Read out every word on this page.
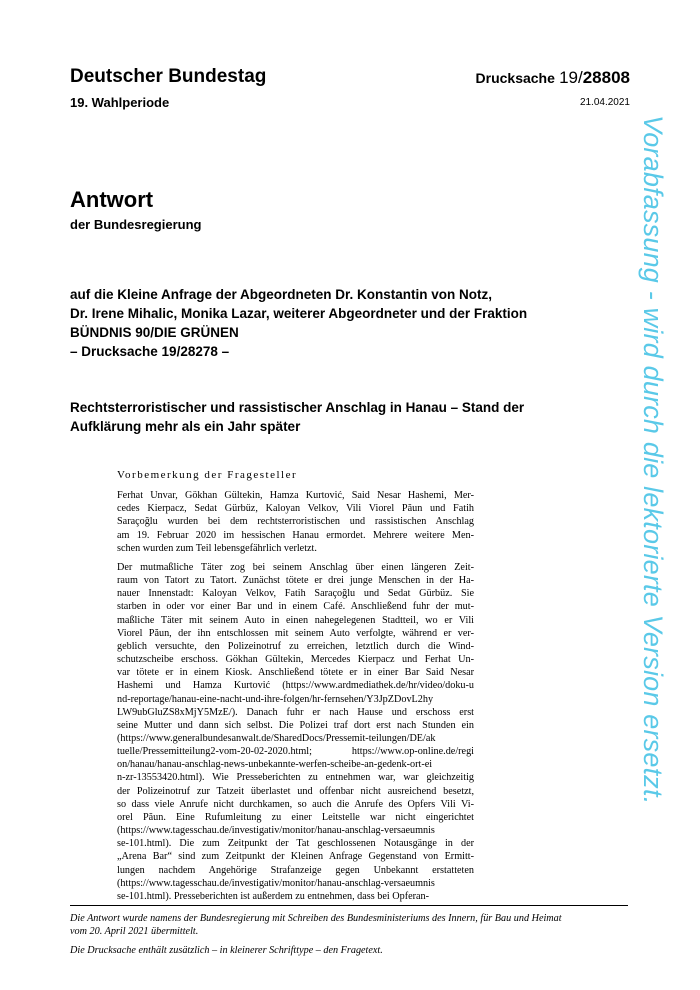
Deutscher Bundestag
19. Wahlperiode
Drucksache 19/28808
21.04.2021
Antwort
der Bundesregierung
auf die Kleine Anfrage der Abgeordneten Dr. Konstantin von Notz,
Dr. Irene Mihalic, Monika Lazar, weiterer Abgeordneter und der Fraktion
BÜNDNIS 90/DIE GRÜNEN
– Drucksache 19/28278 –
Rechtsterroristischer und rassistischer Anschlag in Hanau – Stand der
Aufklärung mehr als ein Jahr später
Vorbemerkung der Fragesteller
Ferhat Unvar, Gökhan Gültekin, Hamza Kurtović, Said Nesar Hashemi, Mer-
cedes Kierpacz, Sedat Gürbüz, Kaloyan Velkov, Vili Viorel Păun und Fatih
Saraçoğlu wurden bei dem rechtsterroristischen und rassistischen Anschlag
am 19. Februar 2020 im hessischen Hanau ermordet. Mehrere weitere Men-
schen wurden zum Teil lebensgefährlich verletzt.
Der mutmaßliche Täter zog bei seinem Anschlag über einen längeren Zeit-
raum von Tatort zu Tatort. Zunächst tötete er drei junge Menschen in der Ha-
nauer Innenstadt: Kaloyan Velkov, Fatih Saraçoğlu und Sedat Gürbüz. Sie
starben in oder vor einer Bar und in einem Café. Anschließend fuhr der mut-
maßliche Täter mit seinem Auto in einen nahegelegenen Stadtteil, wo er Vili
Viorel Păun, der ihn entschlossen mit seinem Auto verfolgte, während er ver-
geblich versuchte, den Polizeinotruf zu erreichen, letztlich durch die Wind-
schutzscheibe erschoss. Gökhan Gültekin, Mercedes Kierpacz und Ferhat Un-
var tötete er in einem Kiosk. Anschließend tötete er in einer Bar Said Nesar
Hashemi und Hamza Kurtović (https://www.ardmediathek.de/hr/video/doku-u
nd-reportage/hanau-eine-nacht-und-ihre-folgen/hr-fernsehen/Y3JpZDovL2hy
LW9ubGluZS8xMjY5MzE/). Danach fuhr er nach Hause und erschoss erst
seine Mutter und dann sich selbst. Die Polizei traf dort erst nach Stunden ein
(https://www.generalbundesanwalt.de/SharedDocs/Pressemit-teilungen/DE/ak
tuelle/Pressemitteilung2-vom-20-02-2020.html; https://www.op-online.de/regi
on/hanau/hanau-anschlag-news-unbekannte-werfen-scheibe-an-gedenk-ort-ei
n-zr-13553420.html). Wie Presseberichten zu entnehmen war, war gleichzeitig
der Polizeinotruf zur Tatzeit überlastet und offenbar nicht ausreichend besetzt,
so dass viele Anrufe nicht durchkamen, so auch die Anrufe des Opfers Vili Vi-
orel Păun. Eine Rufumleitung zu einer Leitstelle war nicht eingerichtet
(https://www.tagesschau.de/investigativ/monitor/hanau-anschlag-versaeumnis
se-101.html). Die zum Zeitpunkt der Tat geschlossenen Notausgänge in der
„Arena Bar“ sind zum Zeitpunkt der Kleinen Anfrage Gegenstand von Ermitt-
lungen nachdem Angehörige Strafanzeige gegen Unbekannt erstatteten
(https://www.tagesschau.de/investigativ/monitor/hanau-anschlag-versaeumnis
se-101.html). Presseberichten ist außerdem zu entnehmen, dass bei Opferan-
Die Antwort wurde namens der Bundesregierung mit Schreiben des Bundesministeriums des Innern, für Bau und Heimat
vom 20. April 2021 übermittelt.
Die Drucksache enthält zusätzlich – in kleinerer Schrifttype – den Fragetext.
Vorabfassung - wird durch die lektorierte Version ersetzt.
